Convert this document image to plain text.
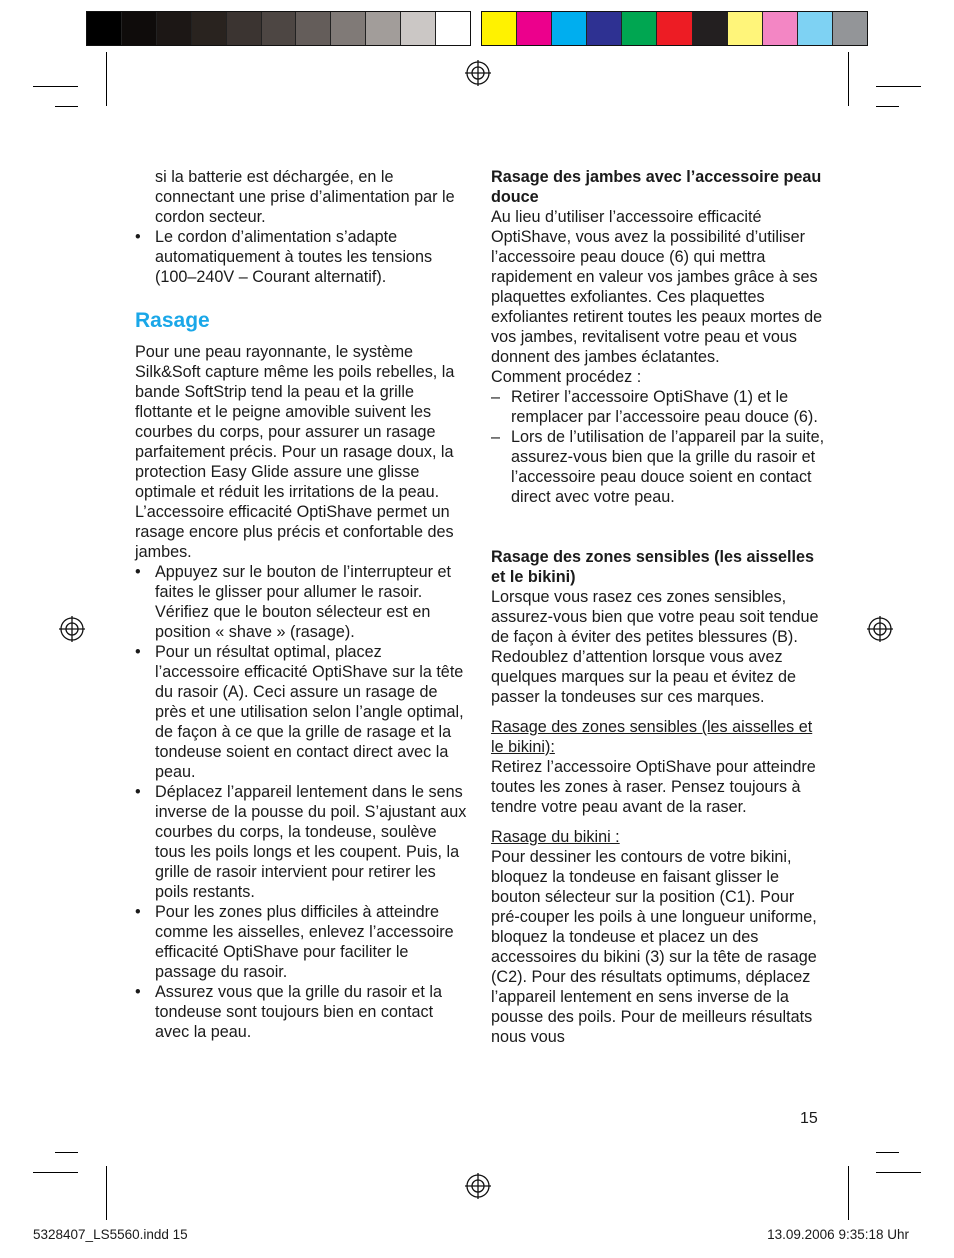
si la batterie est déchargée, en le connectant une prise d’alimentation par le cordon secteur.

• Le cordon d’alimentation s’adapte automatiquement à toutes les tensions (100–240V – Courant alternatif).
Rasage

Pour une peau rayonnante, le système Silk&Soft capture même les poils rebelles, la bande SoftStrip tend la peau et la grille flottante et le peigne amovible suivent les courbes du corps, pour assurer un rasage parfaitement précis. Pour un rasage doux, la protection Easy Glide assure une glisse optimale et réduit les irritations de la peau.

L’accessoire efficacité OptiShave permet un rasage encore plus précis et confortable des jambes.

• Appuyez sur le bouton de l’interrupteur et faites le glisser pour allumer le rasoir. Vérifiez que le bouton sélecteur est en position « shave » (rasage).
• Pour un résultat optimal, placez l’accessoire efficacité OptiShave sur la tête du rasoir (A). Ceci assure un rasage de près et une utilisation selon l’angle optimal, de façon à ce que la grille de rasage et la tondeuse soient en contact direct avec la peau.
• Déplacez l’appareil lentement dans le sens inverse de la pousse du poil. S’ajustant aux courbes du corps, la tondeuse, soulève tous les poils longs et les coupent. Puis, la grille de rasoir intervient pour retirer les poils restants.
• Pour les zones plus difficiles à atteindre comme les aisselles, enlevez l’accessoire efficacité OptiShave pour faciliter le passage du rasoir.
• Assurez vous que la grille du rasoir et la tondeuse sont toujours bien en contact avec la peau.

Rasage des jambes avec l’accessoire peau douce

Au lieu d’utiliser l’accessoire efficacité OptiShave, vous avez la possibilité d’utiliser l’accessoire peau douce (6) qui mettra rapidement en valeur vos jambes grâce à ses plaquettes exfoliantes. Ces plaquettes exfoliantes retirent toutes les peaux mortes de vos jambes, revitalisent votre peau et vous donnent des jambes éclatantes.

Comment procédez :

– Retirer l’accessoire OptiShave (1) et le remplacer par l’accessoire peau douce (6).
– Lors de l’utilisation de l’appareil par la suite, assurez-vous bien que la grille du rasoir et l’accessoire peau douce soient en contact direct avec votre peau.

Rasage des zones sensibles (les aisselles et le bikini)

Lorsque vous rasez ces zones sensibles, assurez-vous bien que votre peau soit tendue de façon à éviter des petites blessures (B). Redoublez d’attention lorsque vous avez quelques marques sur la peau et évitez de passer la tondeuses sur ces marques.

Rasage des zones sensibles (les aisselles et le bikini):

Retirez l’accessoire OptiShave pour atteindre toutes les zones à raser. Pensez toujours à tendre votre peau avant de la raser.

Rasage du bikini :

Pour dessiner les contours de votre bikini, bloquez la tondeuse en faisant glisser le bouton sélecteur sur la position (C1). Pour pré-couper les poils à une longueur uniforme, bloquez la tondeuse et placez un des accessoires du bikini (3) sur la tête de rasage (C2). Pour des résultats optimums, déplacez l’appareil lentement en sens inverse de la pousse des poils. Pour de meilleurs résultats nous vous

15
5328407_LS5560.indd 15	13.09.2006 9:35:18 Uhr
